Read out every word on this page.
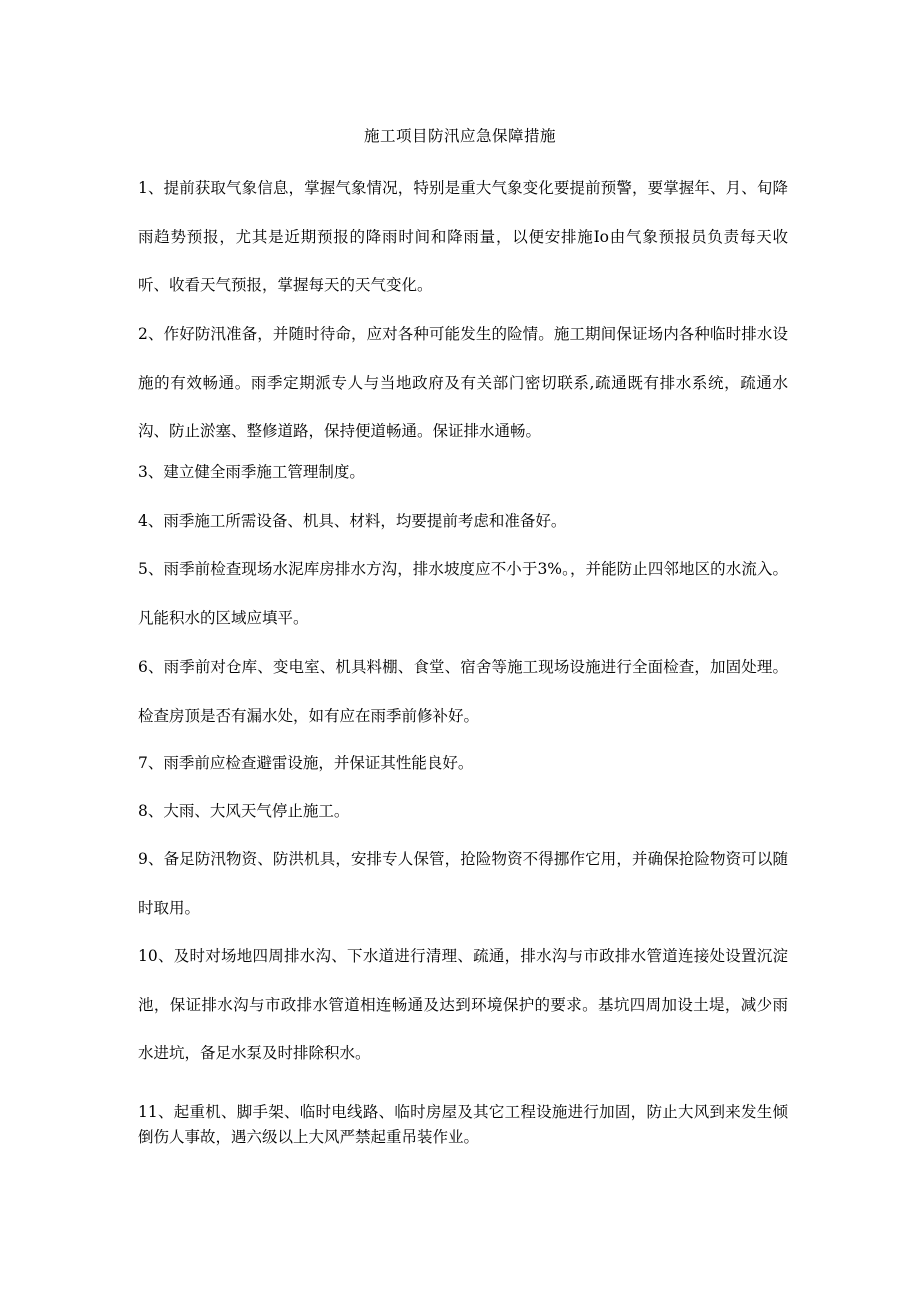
施工项目防汛应急保障措施

1、提前获取气象信息，掌握气象情况，特别是重大气象变化要提前预警，要掌握年、月、旬降雨趋势预报，尤其是近期预报的降雨时间和降雨量，以便安排施Io由气象预报员负责每天收听、收看天气预报，掌握每天的天气变化。

2、作好防汛准备，并随时待命，应对各种可能发生的险情。施工期间保证场内各种临时排水设施的有效畅通。雨季定期派专人与当地政府及有关部门密切联系,疏通既有排水系统，疏通水沟、防止淤塞、整修道路，保持便道畅通。保证排水通畅。

3、建立健全雨季施工管理制度。

4、雨季施工所需设备、机具、材料，均要提前考虑和准备好。

5、雨季前检查现场水泥库房排水方沟，排水坡度应不小于3%。，并能防止四邻地区的水流入。凡能积水的区域应填平。

6、雨季前对仓库、变电室、机具料棚、食堂、宿舍等施工现场设施进行全面检查，加固处理。检查房顶是否有漏水处，如有应在雨季前修补好。

7、雨季前应检查避雷设施，并保证其性能良好。

8、大雨、大风天气停止施工。

9、备足防汛物资、防洪机具，安排专人保管，抢险物资不得挪作它用，并确保抢险物资可以随时取用。

10、及时对场地四周排水沟、下水道进行清理、疏通，排水沟与市政排水管道连接处设置沉淀池，保证排水沟与市政排水管道相连畅通及达到环境保护的要求。基坑四周加设土堤，减少雨水进坑，备足水泵及时排除积水。

11、起重机、脚手架、临时电线路、临时房屋及其它工程设施进行加固，防止大风到来发生倾倒伤人事故，遇六级以上大风严禁起重吊装作业。
